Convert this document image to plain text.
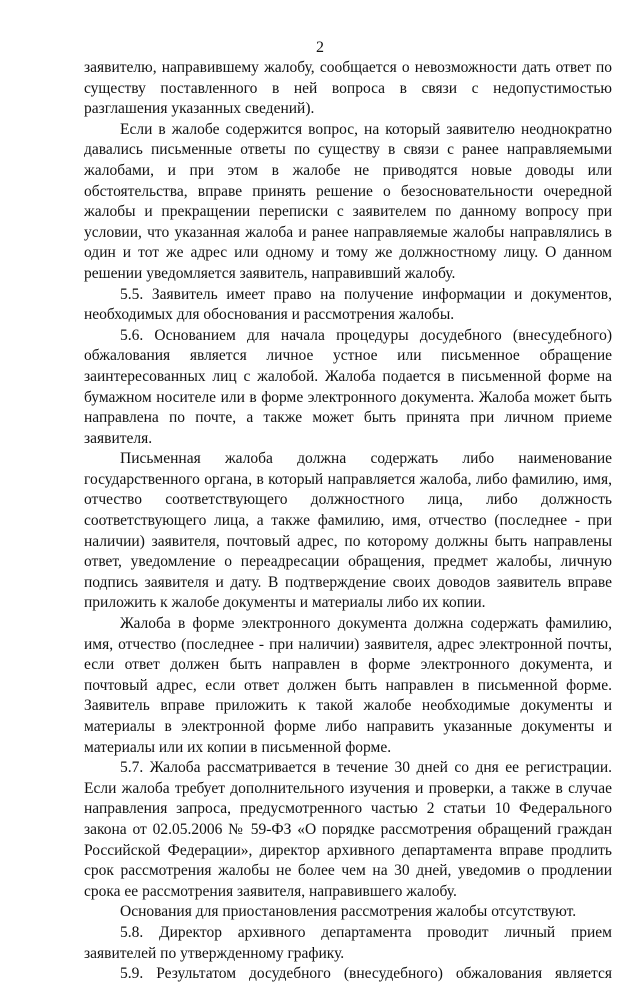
2

заявителю, направившему жалобу, сообщается о невозможности дать ответ по существу поставленного в ней вопроса в связи с недопустимостью разглашения указанных сведений).

Если в жалобе содержится вопрос, на который заявителю неоднократно давались письменные ответы по существу в связи с ранее направляемыми жалобами, и при этом в жалобе не приводятся новые доводы или обстоятельства, вправе принять решение о безосновательности очередной жалобы и прекращении переписки с заявителем по данному вопросу при условии, что указанная жалоба и ранее направляемые жалобы направлялись в один и тот же адрес или одному и тому же должностному лицу. О данном решении уведомляется заявитель, направивший жалобу.

5.5. Заявитель имеет право на получение информации и документов, необходимых для обоснования и рассмотрения жалобы.

5.6. Основанием для начала процедуры досудебного (внесудебного) обжалования является личное устное или письменное обращение заинтересованных лиц с жалобой. Жалоба подается в письменной форме на бумажном носителе или в форме электронного документа. Жалоба может быть направлена по почте, а также может быть принята при личном приеме заявителя.

Письменная жалоба должна содержать либо наименование государственного органа, в который направляется жалоба, либо фамилию, имя, отчество соответствующего должностного лица, либо должность соответствующего лица, а также фамилию, имя, отчество (последнее - при наличии) заявителя, почтовый адрес, по которому должны быть направлены ответ, уведомление о переадресации обращения, предмет жалобы, личную подпись заявителя и дату. В подтверждение своих доводов заявитель вправе приложить к жалобе документы и материалы либо их копии.

Жалоба в форме электронного документа должна содержать фамилию, имя, отчество (последнее - при наличии) заявителя, адрес электронной почты, если ответ должен быть направлен в форме электронного документа, и почтовый адрес, если ответ должен быть направлен в письменной форме. Заявитель вправе приложить к такой жалобе необходимые документы и материалы в электронной форме либо направить указанные документы и материалы или их копии в письменной форме.

5.7. Жалоба рассматривается в течение 30 дней со дня ее регистрации. Если жалоба требует дополнительного изучения и проверки, а также в случае направления запроса, предусмотренного частью 2 статьи 10 Федерального закона от 02.05.2006 № 59-ФЗ «О порядке рассмотрения обращений граждан Российской Федерации», директор архивного департамента вправе продлить срок рассмотрения жалобы не более чем на 30 дней, уведомив о продлении срока ее рассмотрения заявителя, направившего жалобу.

Основания для приостановления рассмотрения жалобы отсутствуют.

5.8. Директор архивного департамента проводит личный прием заявителей по утвержденному графику.

5.9. Результатом досудебного (внесудебного) обжалования является
